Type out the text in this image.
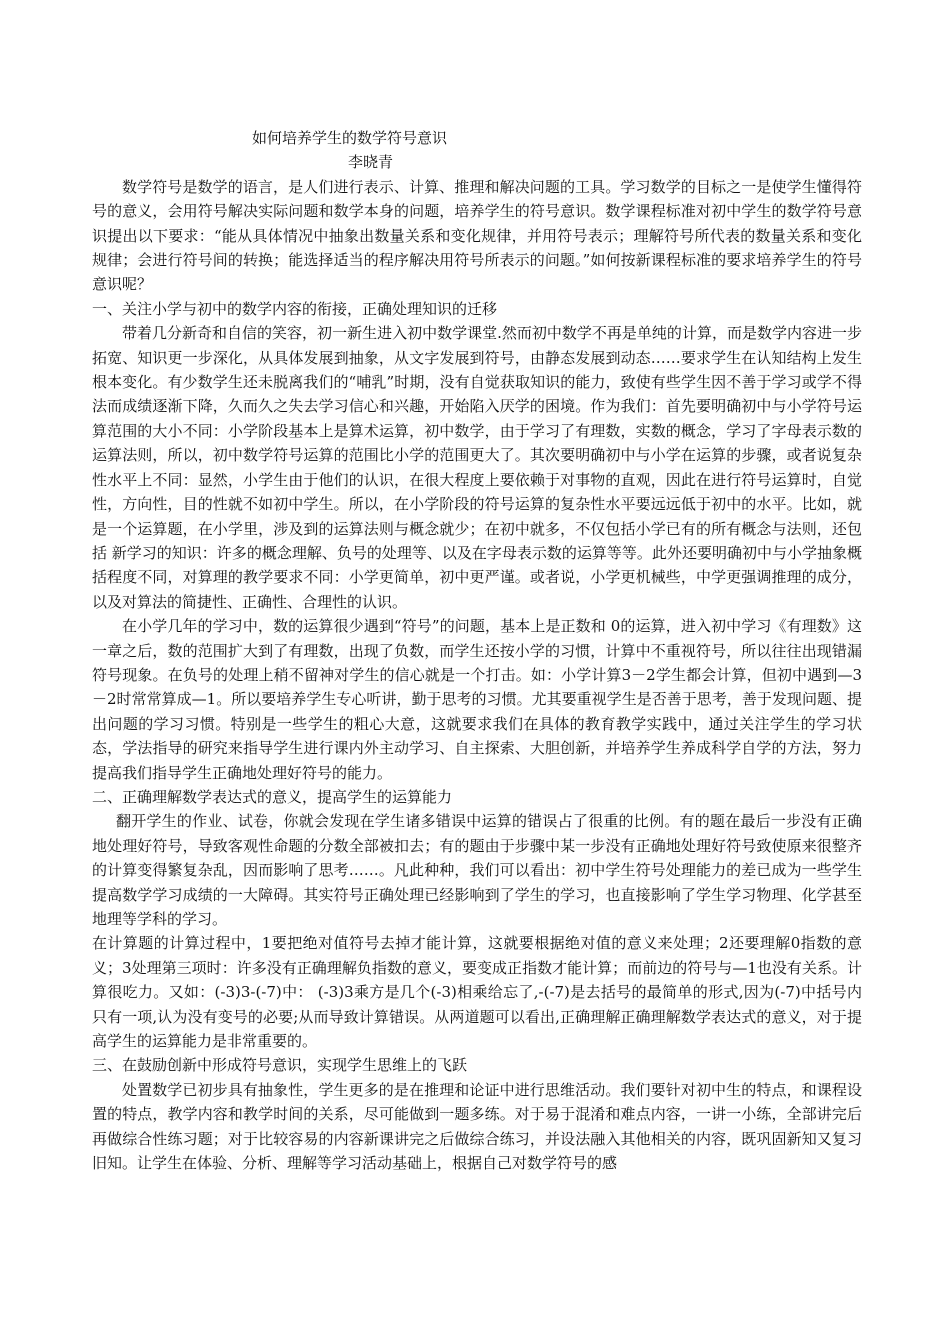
如何培养学生的数学符号意识

李晓青

数学符号是数学的语言，是人们进行表示、计算、推理和解决问题的工具。学习数学的目标之一是使学生懂得符号的意义，会用符号解决实际问题和数学本身的问题，培养学生的符号意识。数学课程标准对初中学生的数学符号意识提出以下要求：“能从具体情况中抽象出数量关系和变化规律，并用符号表示；理解符号所代表的数量关系和变化规律；会进行符号间的转换；能选择适当的程序解决用符号所表示的问题。”如何按新课程标准的要求培养学生的符号意识呢？

一、关注小学与初中的数学内容的衔接，正确处理知识的迁移

带着几分新奇和自信的笑容，初一新生进入初中数学课堂.然而初中数学不再是单纯的计算，而是数学内容进一步拓宽、知识更一步深化，从具体发展到抽象，从文字发展到符号，由静态发展到动态……要求学生在认知结构上发生根本变化。有少数学生还未脱离我们的“哺乳”时期，没有自觉获取知识的能力，致使有些学生因不善于学习或学不得法而成绩逐渐下降，久而久之失去学习信心和兴趣，开始陷入厌学的困境。作为我们：首先要明确初中与小学符号运算范围的大小不同：小学阶段基本上是算术运算，初中数学，由于学习了有理数，实数的概念，学习了字母表示数的运算法则，所以，初中数学符号运算的范围比小学的范围更大了。其次要明确初中与小学在运算的步骤，或者说复杂性水平上不同：显然，小学生由于他们的认识，在很大程度上要依赖于对事物的直观，因此在进行符号运算时，自觉性，方向性，目的性就不如初中学生。所以，在小学阶段的符号运算的复杂性水平要远远低于初中的水平。比如，就是一个运算题，在小学里，涉及到的运算法则与概念就少；在初中就多，不仅包括小学已有的所有概念与法则，还包括 新学习的知识：许多的概念理解、负号的处理等、以及在字母表示数的运算等等。此外还要明确初中与小学抽象概括程度不同，对算理的教学要求不同：小学更简单，初中更严谨。或者说，小学更机械些，中学更强调推理的成分，以及对算法的简捷性、正确性、合理性的认识。

在小学几年的学习中，数的运算很少遇到“符号”的问题，基本上是正数和 0的运算，进入初中学习《有理数》这一章之后，数的范围扩大到了有理数，出现了负数，而学生还按小学的习惯，计算中不重视符号，所以往往出现错漏符号现象。在负号的处理上稍不留神对学生的信心就是一个打击。如：小学计算3－2学生都会计算，但初中遇到—3－2时常常算成—1。所以要培养学生专心听讲，勤于思考的习惯。尤其要重视学生是否善于思考，善于发现问题、提出问题的学习习惯。特别是一些学生的粗心大意，这就要求我们在具体的教育教学实践中，通过关注学生的学习状态，学法指导的研究来指导学生进行课内外主动学习、自主探索、大胆创新，并培养学生养成科学自学的方法，努力提高我们指导学生正确地处理好符号的能力。

二、正确理解数学表达式的意义，提高学生的运算能力

翻开学生的作业、试卷，你就会发现在学生诸多错误中运算的错误占了很重的比例。有的题在最后一步没有正确地处理好符号，导致客观性命题的分数全部被扣去；有的题由于步骤中某一步没有正确地处理好符号致使原来很整齐的计算变得繁复杂乱，因而影响了思考……。凡此种种，我们可以看出：初中学生符号处理能力的差已成为一些学生提高数学学习成绩的一大障碍。其实符号正确处理已经影响到了学生的学习，也直接影响了学生学习物理、化学甚至地理等学科的学习。

在计算题的计算过程中，1要把绝对值符号去掉才能计算，这就要根据绝对值的意义来处理；2还要理解0指数的意义；3处理第三项时：许多没有正确理解负指数的意义，要变成正指数才能计算；而前边的符号与—1也没有关系。计算很吃力。又如：(-3)3-(-7)中： (-3)3乘方是几个(-3)相乘给忘了,-(-7)是去括号的最简单的形式,因为(-7)中括号内只有一项,认为没有变号的必要;从而导致计算错误。从两道题可以看出,正确理解正确理解数学表达式的意义，对于提高学生的运算能力是非常重要的。

三、在鼓励创新中形成符号意识，实现学生思维上的飞跃

处置数学已初步具有抽象性，学生更多的是在推理和论证中进行思维活动。我们要针对初中生的特点，和课程设置的特点，教学内容和教学时间的关系，尽可能做到一题多练。对于易于混淆和难点内容，一讲一小练，全部讲完后再做综合性练习题；对于比较容易的内容新课讲完之后做综合练习，并设法融入其他相关的内容，既巩固新知又复习旧知。让学生在体验、分析、理解等学习活动基础上，根据自己对数学符号的感
